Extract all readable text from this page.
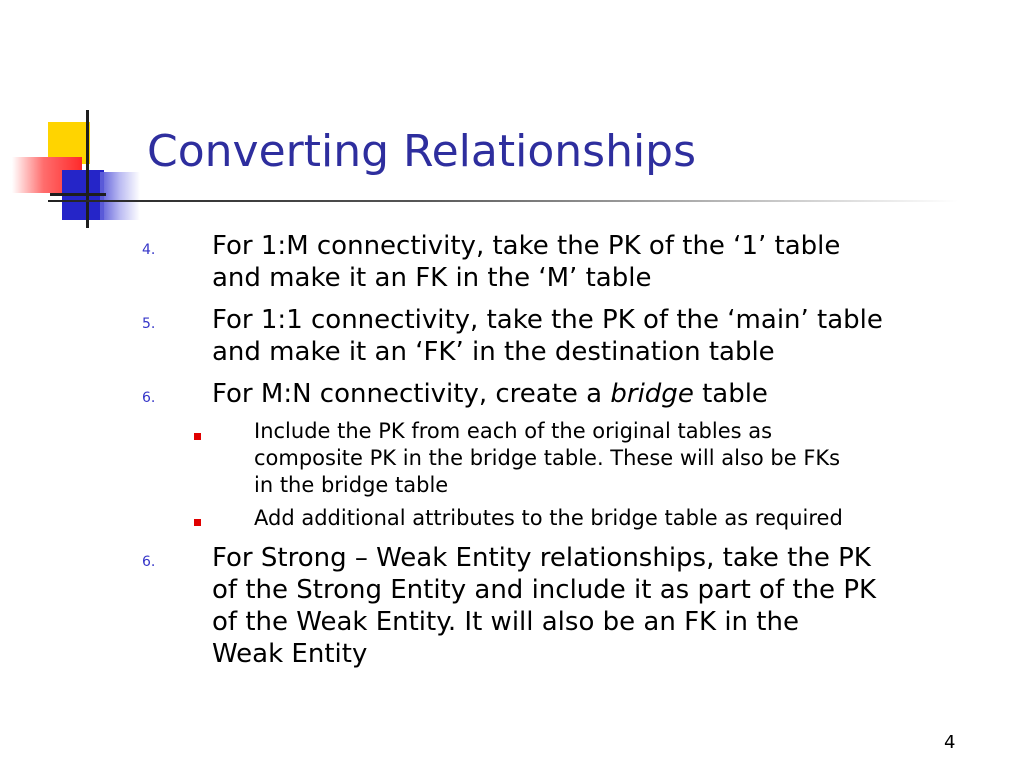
Converting Relationships
4. For 1:M connectivity, take the PK of the ‘1’ table
and make it an FK in the ‘M’ table
5. For 1:1 connectivity, take the PK of the ‘main’ table
and make it an ‘FK’ in the destination table
6. For M:N connectivity, create a bridge table
Include the PK from each of the original tables as
composite PK in the bridge table. These will also be FKs
in the bridge table
Add additional attributes to the bridge table as required
6. For Strong – Weak Entity relationships, take the PK
of the Strong Entity and include it as part of the PK
of the Weak Entity. It will also be an FK in the
Weak Entity
4
